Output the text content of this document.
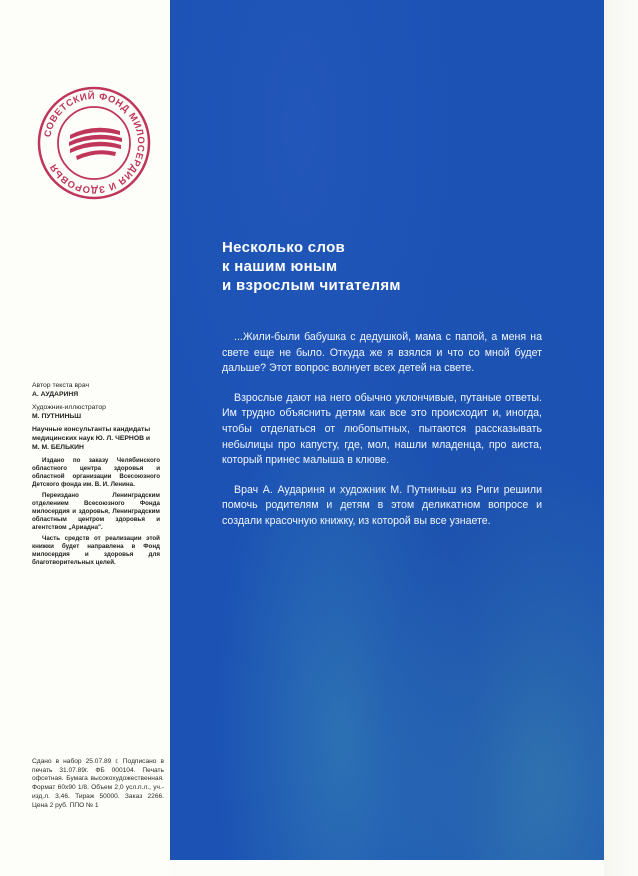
СОВЕТСКИЙ ФОНД МИЛОСЕРДИЯ И ЗДОРОВЬЯ
Несколько слов
к нашим юным
и взрослым читателям

...Жили-были бабушка с дедушкой, мама с папой, а меня на свете еще не было. Откуда же я взялся и что со мной будет дальше? Этот вопрос волнует всех детей на свете.

Взрослые дают на него обычно уклончивые, путаные ответы. Им трудно объяснить детям как все это происходит и, иногда, чтобы отделаться от любопытных, пытаются рассказывать небылицы про капусту, где, мол, нашли младенца, про аиста, который принес малыша в клюве.

Врач А. Аудариня и художник М. Путниньш из Риги решили помочь родителям и детям в этом деликатном вопросе и создали красочную книжку, из которой вы все узнаете.

Автор текста врач
А. АУДАРИНЯ
Художник-иллюстратор
М. ПУТНИНЬШ
Научные консультанты кандидаты медицинских наук Ю. Л. ЧЕРНОВ и
М. М. БЕЛЬКИН
Издано по заказу Челябинского областного центра здоровья и областной организации Всесоюзного Детского фонда им. В. И. Ленина.
Переиздано Ленинградским отделением Всесоюзного Фонда милосердия и здоровья, Ленинградским областным центром здоровья и агентством „Ариадна".
Часть средств от реализации этой книжки будет направлена в Фонд милосердия и здоровья для благотворительных целей.
Сдано в набор 25.07.89 г. Подписано в печать 31.07.89г. ФБ 000104. Печать офсетная. Бумага высокохудожественная. Формат 60х90 1/8. Объем 2,0 усл.п.л., уч.-изд.л. 3,46. Тираж 50000. Заказ 2266. Цена 2 руб. ППО № 1
